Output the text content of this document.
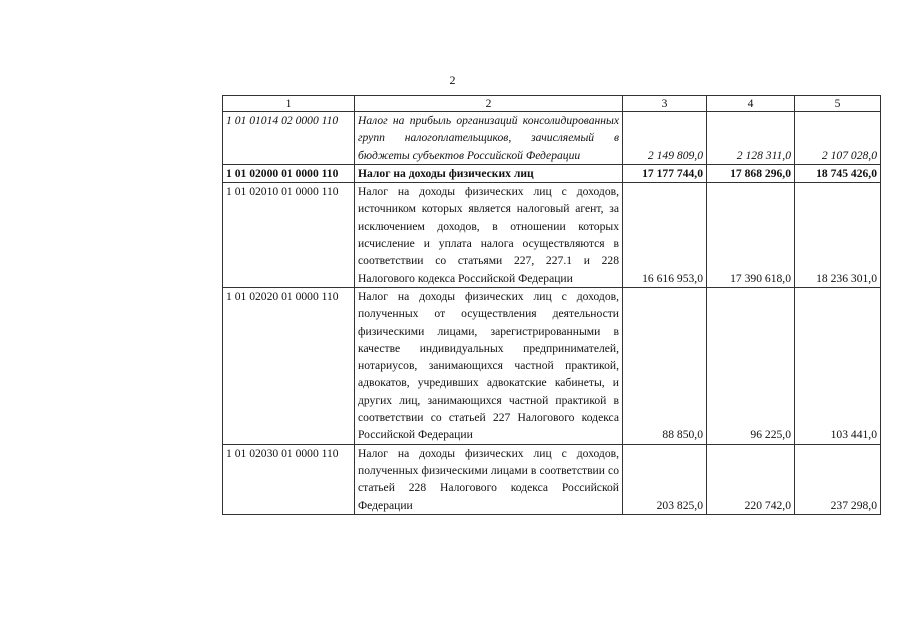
2
1	2	3	4	5
1 01 01014 02 0000 110	Налог на прибыль организаций консолидированных групп налогоплательщиков, зачисляемый в бюджеты субъектов Российской Федерации	2 149 809,0	2 128 311,0	2 107 028,0
1 01 02000 01 0000 110	Налог на доходы физических лиц	17 177 744,0	17 868 296,0	18 745 426,0
1 01 02010 01 0000 110	Налог на доходы физических лиц с доходов, источником которых является налоговый агент, за исключением доходов, в отношении которых исчисление и уплата налога осуществляются в соответствии со статьями 227, 227.1 и 228 Налогового кодекса Российской Федерации	16 616 953,0	17 390 618,0	18 236 301,0
1 01 02020 01 0000 110	Налог на доходы физических лиц с доходов, полученных от осуществления деятельности физическими лицами, зарегистрированными в качестве индивидуальных предпринимателей, нотариусов, занимающихся частной практикой, адвокатов, учредивших адвокатские кабинеты, и других лиц, занимающихся частной практикой в соответствии со статьей 227 Налогового кодекса Российской Федерации	88 850,0	96 225,0	103 441,0
1 01 02030 01 0000 110	Налог на доходы физических лиц с доходов, полученных физическими лицами в соответствии со статьей 228 Налогового кодекса Российской Федерации	203 825,0	220 742,0	237 298,0
